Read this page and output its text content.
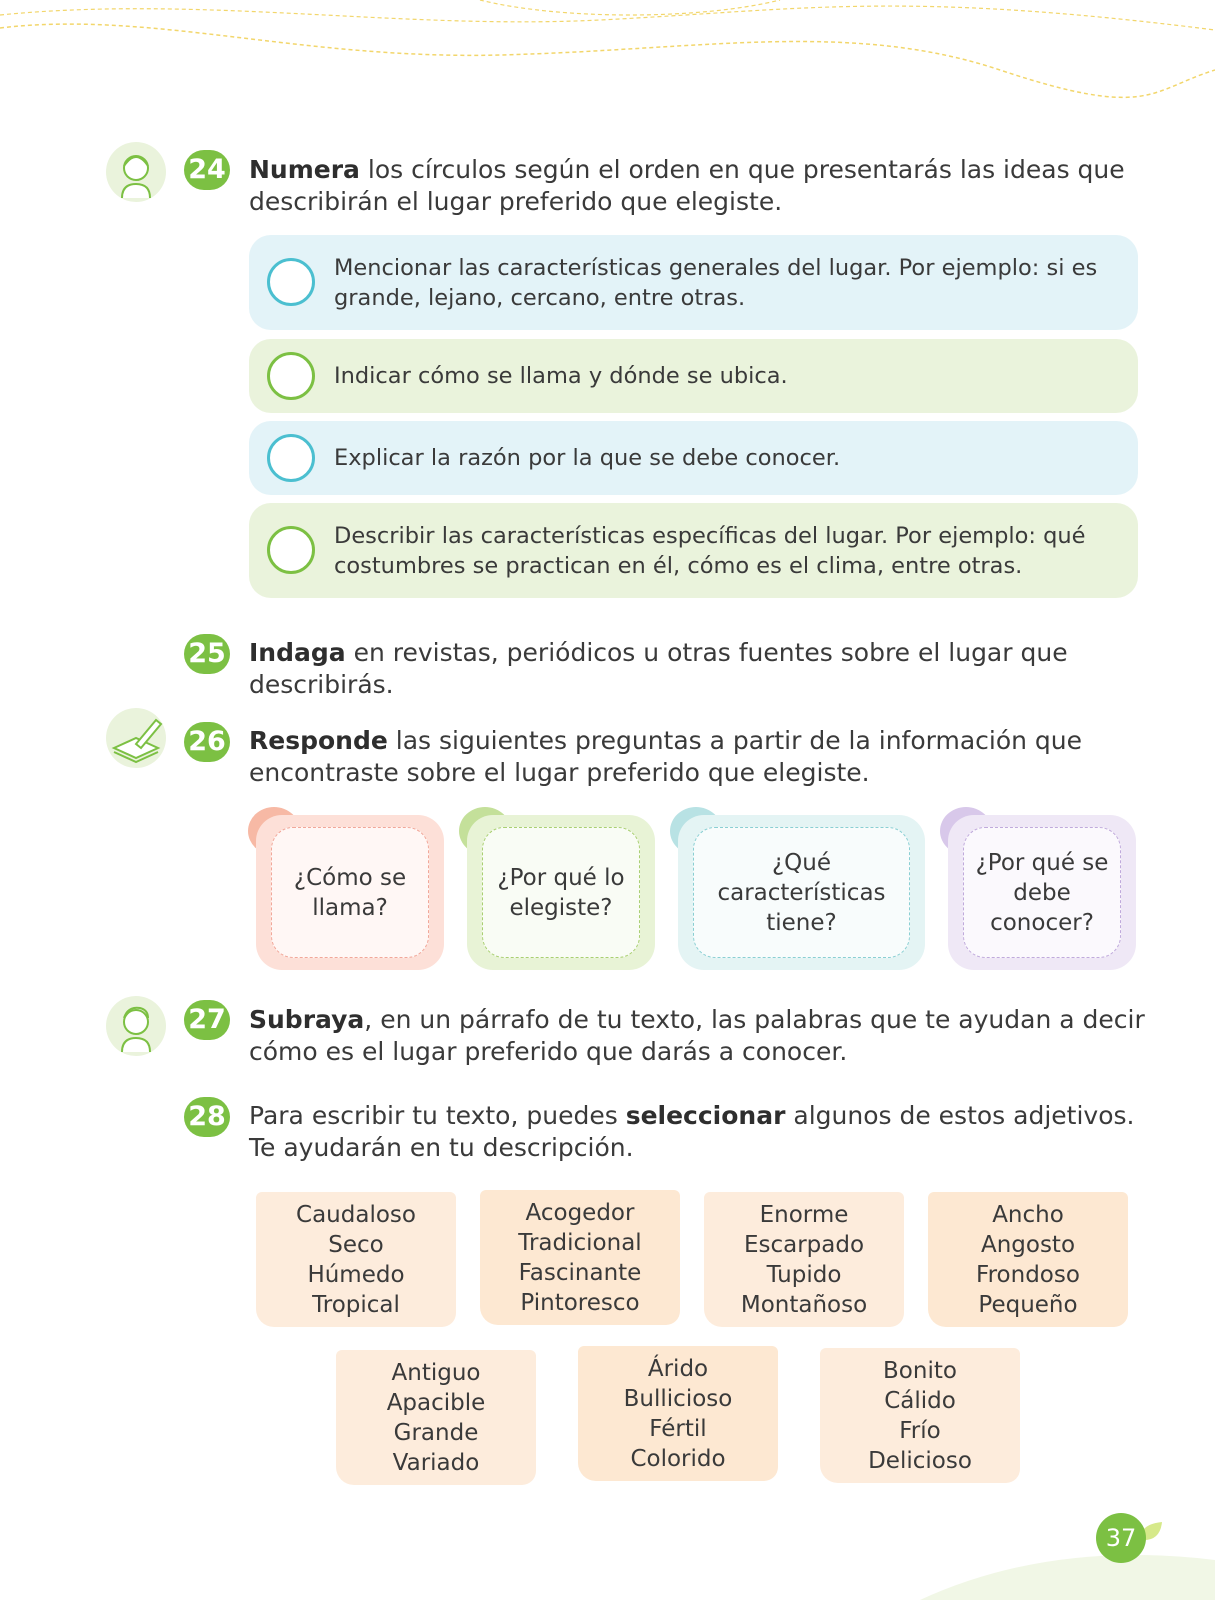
24 Numera los círculos según el orden en que presentarás las ideas que describirán el lugar preferido que elegiste.
Mencionar las características generales del lugar. Por ejemplo: si es grande, lejano, cercano, entre otras.
Indicar cómo se llama y dónde se ubica.
Explicar la razón por la que se debe conocer.
Describir las características específicas del lugar. Por ejemplo: qué costumbres se practican en él, cómo es el clima, entre otras.
25 Indaga en revistas, periódicos u otras fuentes sobre el lugar que describirás.
26 Responde las siguientes preguntas a partir de la información que encontraste sobre el lugar preferido que elegiste.
¿Cómo se llama?
¿Por qué lo elegiste?
¿Qué características tiene?
¿Por qué se debe conocer?
27 Subraya, en un párrafo de tu texto, las palabras que te ayudan a decir cómo es el lugar preferido que darás a conocer.
28 Para escribir tu texto, puedes seleccionar algunos de estos adjetivos. Te ayudarán en tu descripción.
Caudaloso
Seco
Húmedo
Tropical
Acogedor
Tradicional
Fascinante
Pintoresco
Enorme
Escarpado
Tupido
Montañoso
Ancho
Angosto
Frondoso
Pequeño
Antiguo
Apacible
Grande
Variado
Árido
Bullicioso
Fértil
Colorido
Bonito
Cálido
Frío
Delicioso
37
